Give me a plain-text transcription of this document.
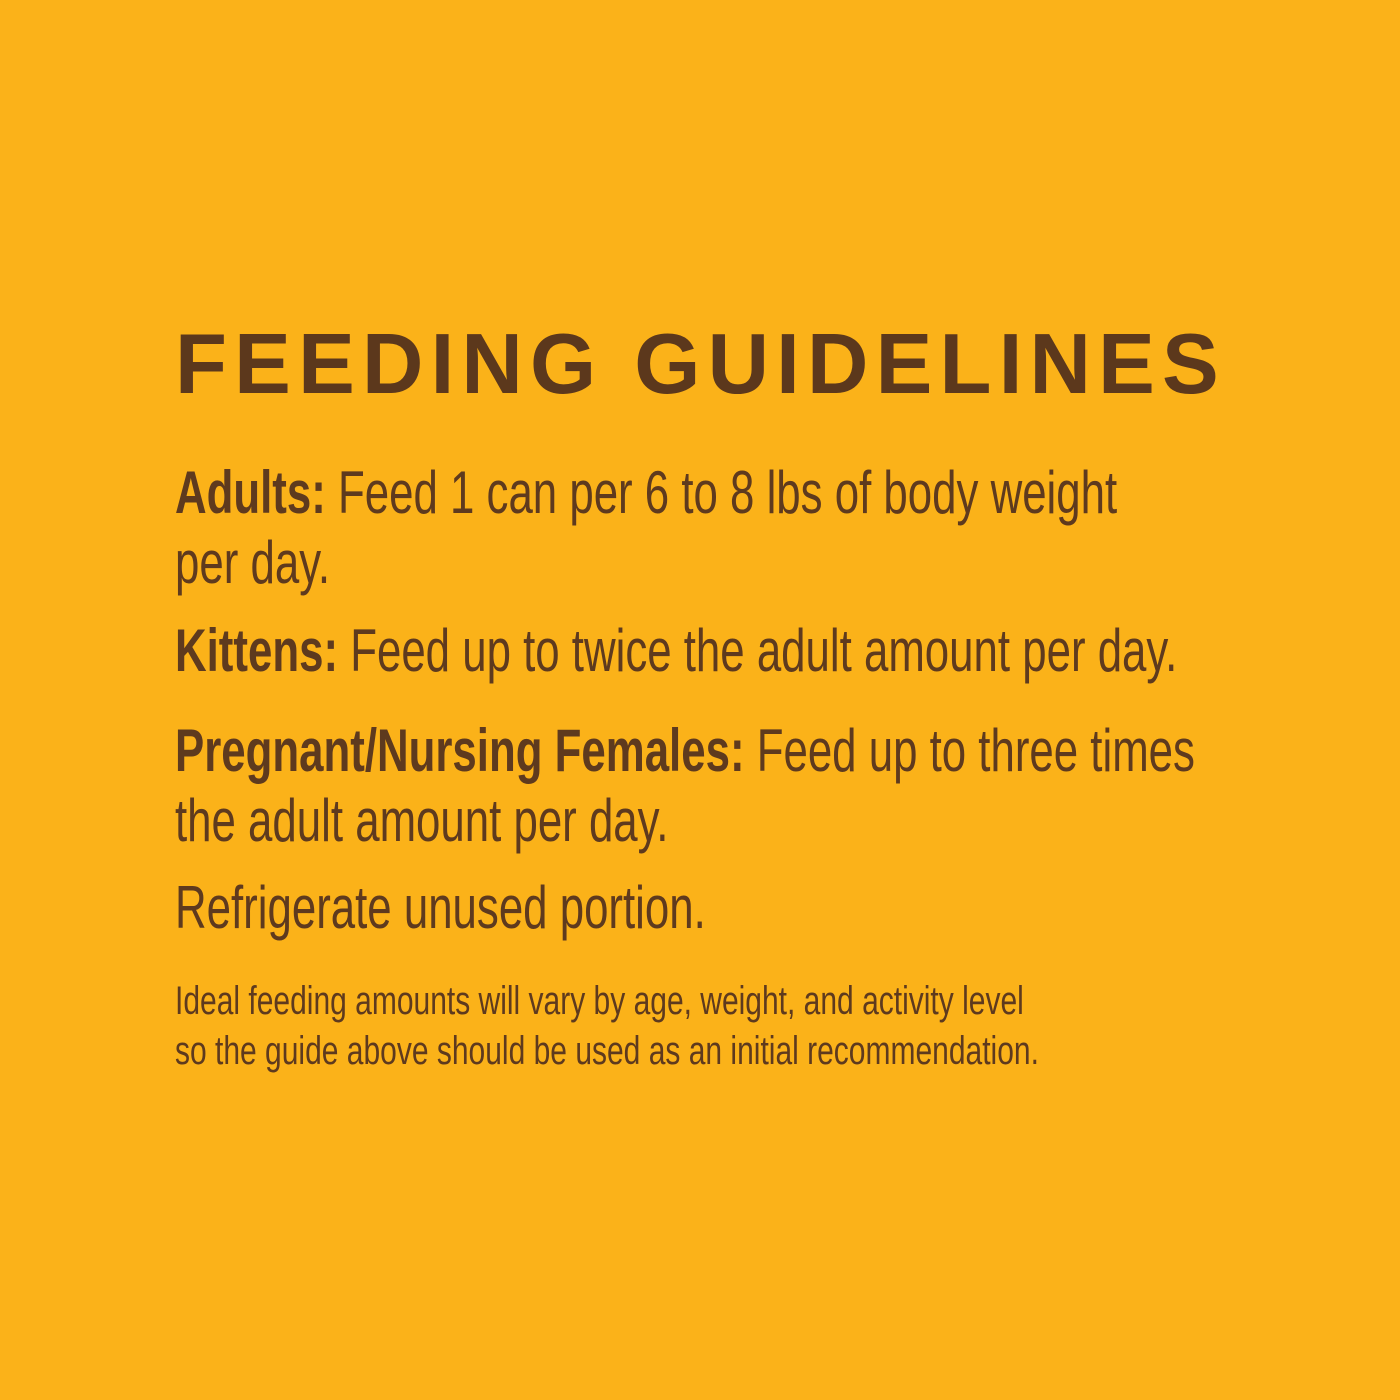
FEEDING GUIDELINES
Adults: Feed 1 can per 6 to 8 lbs of body weight
per day.
Kittens: Feed up to twice the adult amount per day.
Pregnant/Nursing Females: Feed up to three times
the adult amount per day.
Refrigerate unused portion.
Ideal feeding amounts will vary by age, weight, and activity level
so the guide above should be used as an initial recommendation.
